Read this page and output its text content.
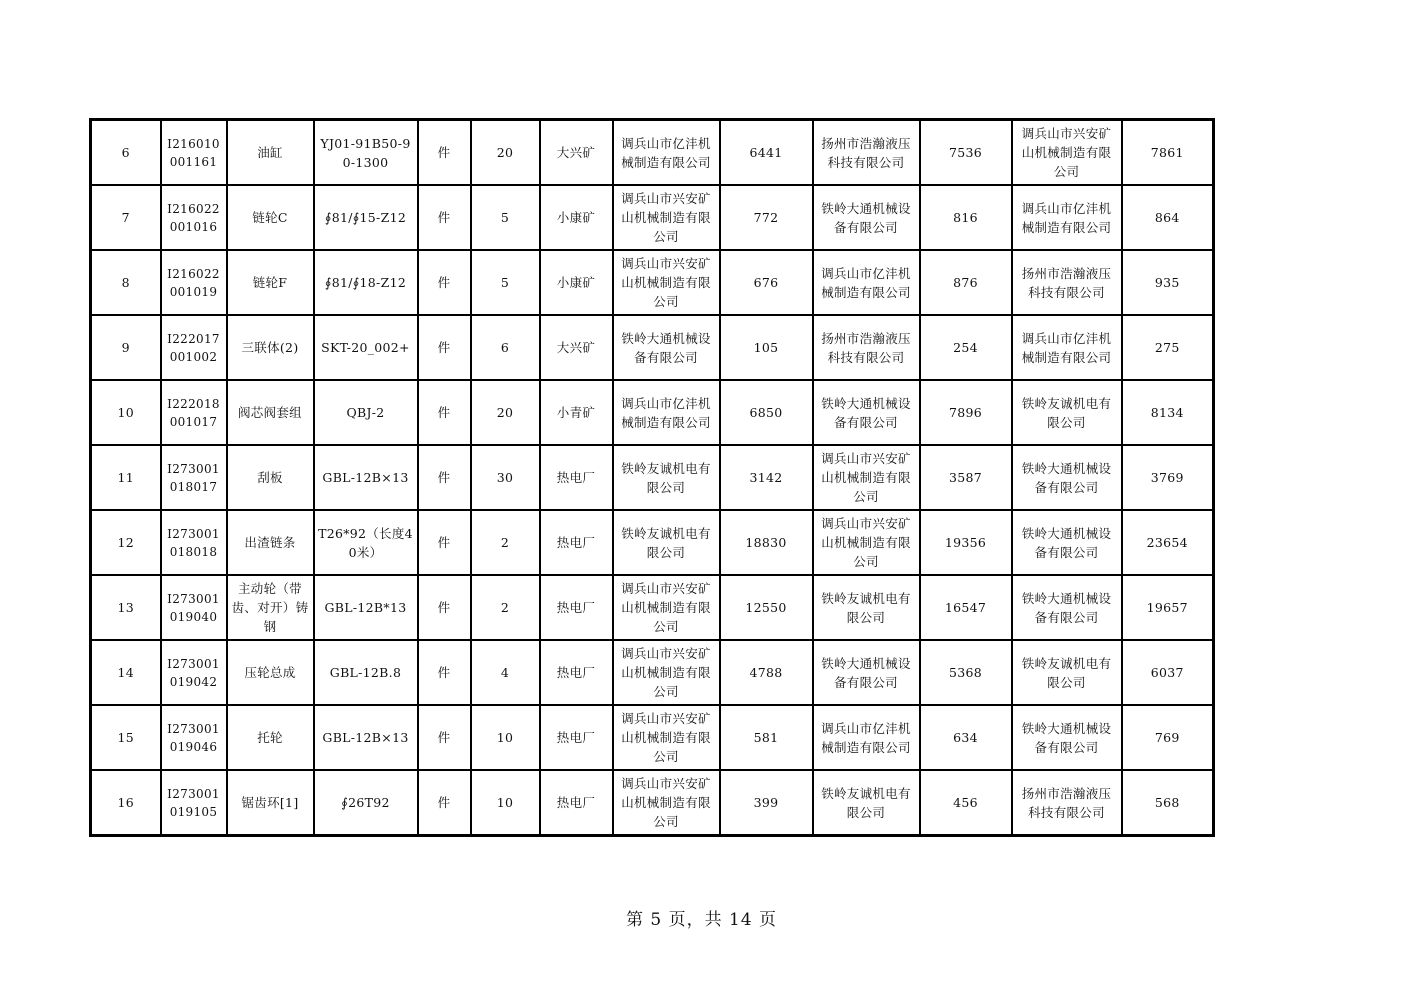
6	I216010001161	油缸	YJ01-91B50-90-1300	件	20	大兴矿	调兵山市亿沣机械制造有限公司	6441	扬州市浩瀚液压科技有限公司	7536	调兵山市兴安矿山机械制造有限公司	7861
7	I216022001016	链轮C	∮81/∮15-Z12	件	5	小康矿	调兵山市兴安矿山机械制造有限公司	772	铁岭大通机械设备有限公司	816	调兵山市亿沣机械制造有限公司	864
8	I216022001019	链轮F	∮81/∮18-Z12	件	5	小康矿	调兵山市兴安矿山机械制造有限公司	676	调兵山市亿沣机械制造有限公司	876	扬州市浩瀚液压科技有限公司	935
9	I222017001002	三联体(2)	SKT-20_002+	件	6	大兴矿	铁岭大通机械设备有限公司	105	扬州市浩瀚液压科技有限公司	254	调兵山市亿沣机械制造有限公司	275
10	I222018001017	阀芯阀套组	QBJ-2	件	20	小青矿	调兵山市亿沣机械制造有限公司	6850	铁岭大通机械设备有限公司	7896	铁岭友诚机电有限公司	8134
11	I273001018017	刮板	GBL-12B×13	件	30	热电厂	铁岭友诚机电有限公司	3142	调兵山市兴安矿山机械制造有限公司	3587	铁岭大通机械设备有限公司	3769
12	I273001018018	出渣链条	T26*92（长度40米）	件	2	热电厂	铁岭友诚机电有限公司	18830	调兵山市兴安矿山机械制造有限公司	19356	铁岭大通机械设备有限公司	23654
13	I273001019040	主动轮（带齿、对开）铸钢	GBL-12B*13	件	2	热电厂	调兵山市兴安矿山机械制造有限公司	12550	铁岭友诚机电有限公司	16547	铁岭大通机械设备有限公司	19657
14	I273001019042	压轮总成	GBL-12B.8	件	4	热电厂	调兵山市兴安矿山机械制造有限公司	4788	铁岭大通机械设备有限公司	5368	铁岭友诚机电有限公司	6037
15	I273001019046	托轮	GBL-12B×13	件	10	热电厂	调兵山市兴安矿山机械制造有限公司	581	调兵山市亿沣机械制造有限公司	634	铁岭大通机械设备有限公司	769
16	I273001019105	锯齿环[1]	∮26T92	件	10	热电厂	调兵山市兴安矿山机械制造有限公司	399	铁岭友诚机电有限公司	456	扬州市浩瀚液压科技有限公司	568
第 5 页，共 14 页
